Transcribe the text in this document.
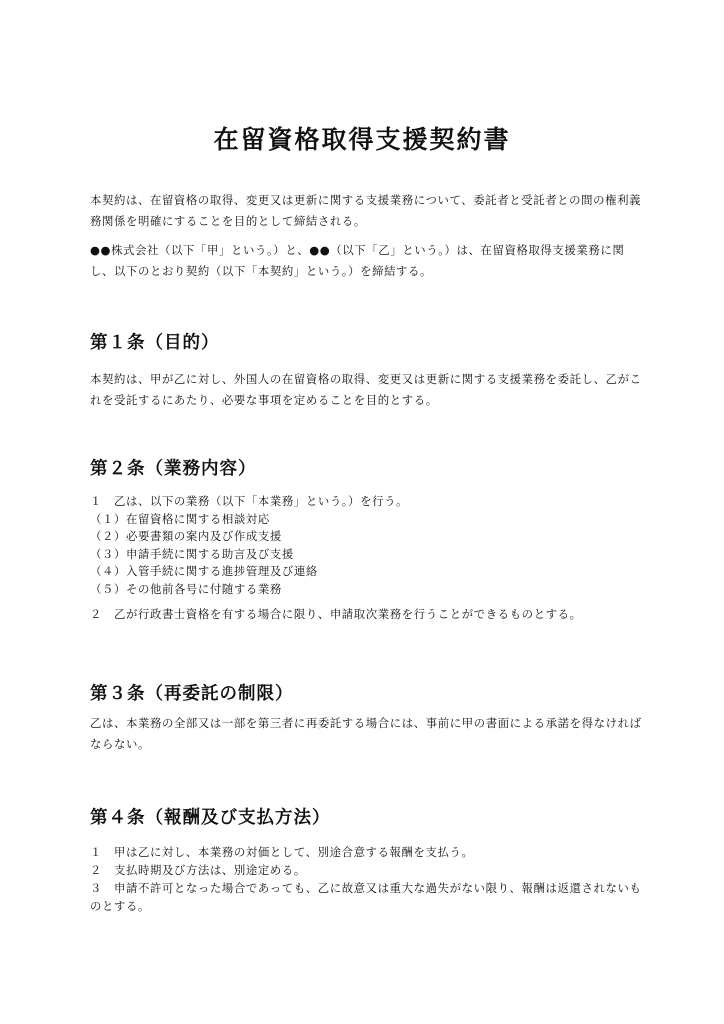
在留資格取得支援契約書

本契約は、在留資格の取得、変更又は更新に関する支援業務について、委託者と受託者との間の権利義務関係を明確にすることを目的として締結される。

●●株式会社（以下「甲」という。）と、●●（以下「乙」という。）は、在留資格取得支援業務に関し、以下のとおり契約（以下「本契約」という。）を締結する。

第１条（目的）

本契約は、甲が乙に対し、外国人の在留資格の取得、変更又は更新に関する支援業務を委託し、乙がこれを受託するにあたり、必要な事項を定めることを目的とする。

第２条（業務内容）
１　乙は、以下の業務（以下「本業務」という。）を行う。
（１）在留資格に関する相談対応
（２）必要書類の案内及び作成支援
（３）申請手続に関する助言及び支援
（４）入管手続に関する進捗管理及び連絡
（５）その他前各号に付随する業務

２　乙が行政書士資格を有する場合に限り、申請取次業務を行うことができるものとする。

第３条（再委託の制限）

乙は、本業務の全部又は一部を第三者に再委託する場合には、事前に甲の書面による承諾を得なければならない。

第４条（報酬及び支払方法）
１　甲は乙に対し、本業務の対価として、別途合意する報酬を支払う。
２　支払時期及び方法は、別途定める。
３　申請不許可となった場合であっても、乙に故意又は重大な過失がない限り、報酬は返還されないものとする。
